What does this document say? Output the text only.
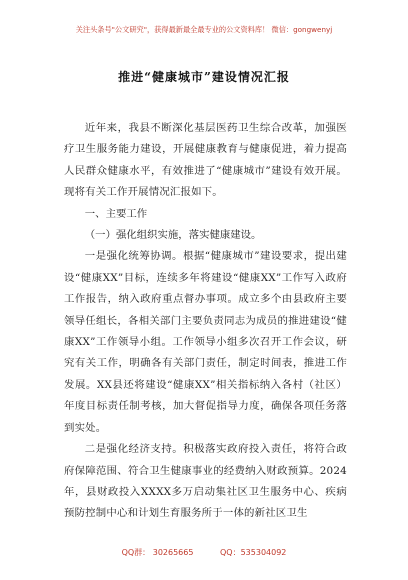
关注头条号"公文研究"，获得最新最全最专业的公文资料库！ 微信：gongwenyj
推进“健康城市”建设情况汇报

近年来，我县不断深化基层医药卫生综合改革，加强医疗卫生服务能力建设，开展健康教育与健康促进，着力提高人民群众健康水平，有效推进了“健康城市”建设有效开展。现将有关工作开展情况汇报如下。

一、主要工作

（一）强化组织实施，落实健康建设。

一是强化统筹协调。根据“健康城市”建设要求，提出建设“健康XX”目标，连续多年将建设“健康XX”工作写入政府工作报告，纳入政府重点督办事项。成立多个由县政府主要领导任组长，各相关部门主要负责同志为成员的推进建设“健康XX”工作领导小组。工作领导小组多次召开工作会议，研究有关工作，明确各有关部门责任，制定时间表，推进工作发展。XX县还将建设“健康XX”相关指标纳入各村（社区）年度目标责任制考核，加大督促指导力度，确保各项任务落到实处。

二是强化经济支持。积极落实政府投入责任，将符合政府保障范围、符合卫生健康事业的经费纳入财政预算。2024年，县财政投入XXXX多万启动集社区卫生服务中心、疾病预防控制中心和计划生育服务所于一体的新社区卫生

QQ群： 30265665	QQ：535304092
